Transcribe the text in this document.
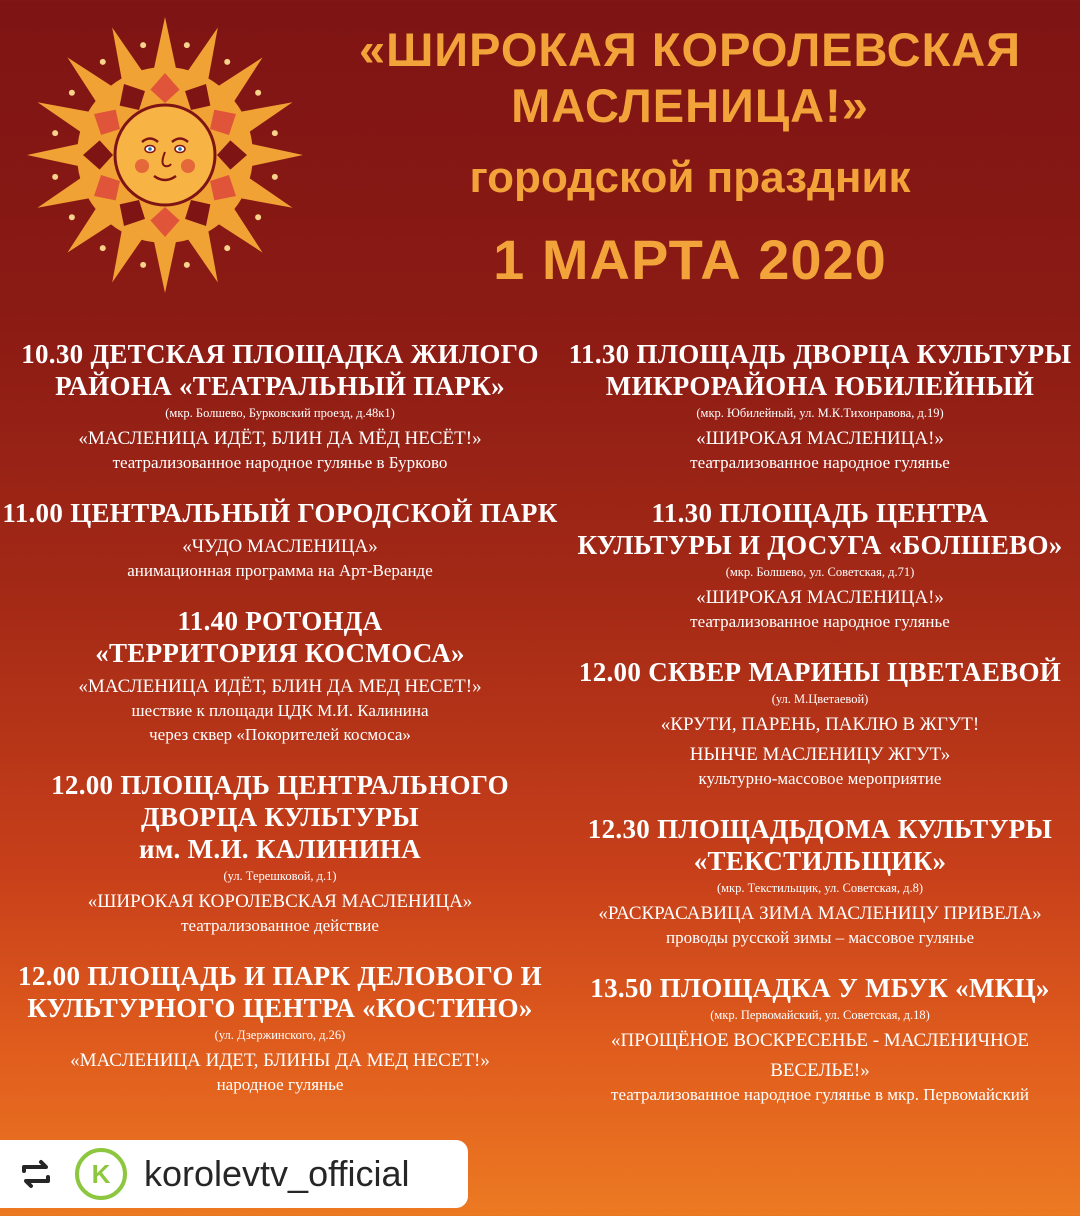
«ШИРОКАЯ КОРОЛЕВСКАЯ
МАСЛЕНИЦА!»
городской праздник
1 МАРТА 2020
10.30 ДЕТСКАЯ ПЛОЩАДКА ЖИЛОГО
РАЙОНА «ТЕАТРАЛЬНЫЙ ПАРК»
(мкр. Болшево, Бурковский проезд, д.48к1)
«МАСЛЕНИЦА ИДЁТ, БЛИН ДА МЁД НЕСЁТ!»
театрализованное народное гулянье в Бурково
11.00 ЦЕНТРАЛЬНЫЙ ГОРОДСКОЙ ПАРК
«ЧУДО МАСЛЕНИЦА»
анимационная программа на Арт-Веранде
11.40 РОТОНДА
«ТЕРРИТОРИЯ КОСМОСА»
«МАСЛЕНИЦА ИДЁТ, БЛИН ДА МЕД НЕСЕТ!»
шествие к площади ЦДК М.И. Калинина
через сквер «Покорителей космоса»
12.00 ПЛОЩАДЬ ЦЕНТРАЛЬНОГО
ДВОРЦА КУЛЬТУРЫ
им. М.И. КАЛИНИНА
(ул. Терешковой, д.1)
«ШИРОКАЯ КОРОЛЕВСКАЯ МАСЛЕНИЦА»
театрализованное действие
12.00 ПЛОЩАДЬ И ПАРК ДЕЛОВОГО И
КУЛЬТУРНОГО ЦЕНТРА «КОСТИНО»
(ул. Дзержинского, д.26)
«МАСЛЕНИЦА ИДЕТ, БЛИНЫ ДА МЕД НЕСЕТ!»
народное гулянье
11.30 ПЛОЩАДЬ ДВОРЦА КУЛЬТУРЫ
МИКРОРАЙОНА ЮБИЛЕЙНЫЙ
(мкр. Юбилейный, ул. М.К.Тихонравова, д.19)
«ШИРОКАЯ МАСЛЕНИЦА!»
театрализованное народное гулянье
11.30 ПЛОЩАДЬ ЦЕНТРА
КУЛЬТУРЫ И ДОСУГА «БОЛШЕВО»
(мкр. Болшево, ул. Советская, д.71)
«ШИРОКАЯ МАСЛЕНИЦА!»
театрализованное народное гулянье
12.00 СКВЕР МАРИНЫ ЦВЕТАЕВОЙ
(ул. М.Цветаевой)
«КРУТИ, ПАРЕНЬ, ПАКЛЮ В ЖГУТ!
НЫНЧЕ МАСЛЕНИЦУ ЖГУТ»
культурно-массовое мероприятие
12.30 ПЛОЩАДЬДОМА КУЛЬТУРЫ
«ТЕКСТИЛЬЩИК»
(мкр. Текстильщик, ул. Советская, д.8)
«РАСКРАСАВИЦА ЗИМА МАСЛЕНИЦУ ПРИВЕЛА»
проводы русской зимы – массовое гулянье
13.50 ПЛОЩАДКА У МБУК «МКЦ»
(мкр. Первомайский, ул. Советская, д.18)
«ПРОЩЁНОЕ ВОСКРЕСЕНЬЕ - МАСЛЕНИЧНОЕ
ВЕСЕЛЬЕ!»
театрализованное народное гулянье в мкр. Первомайский
K korolevtv_official
